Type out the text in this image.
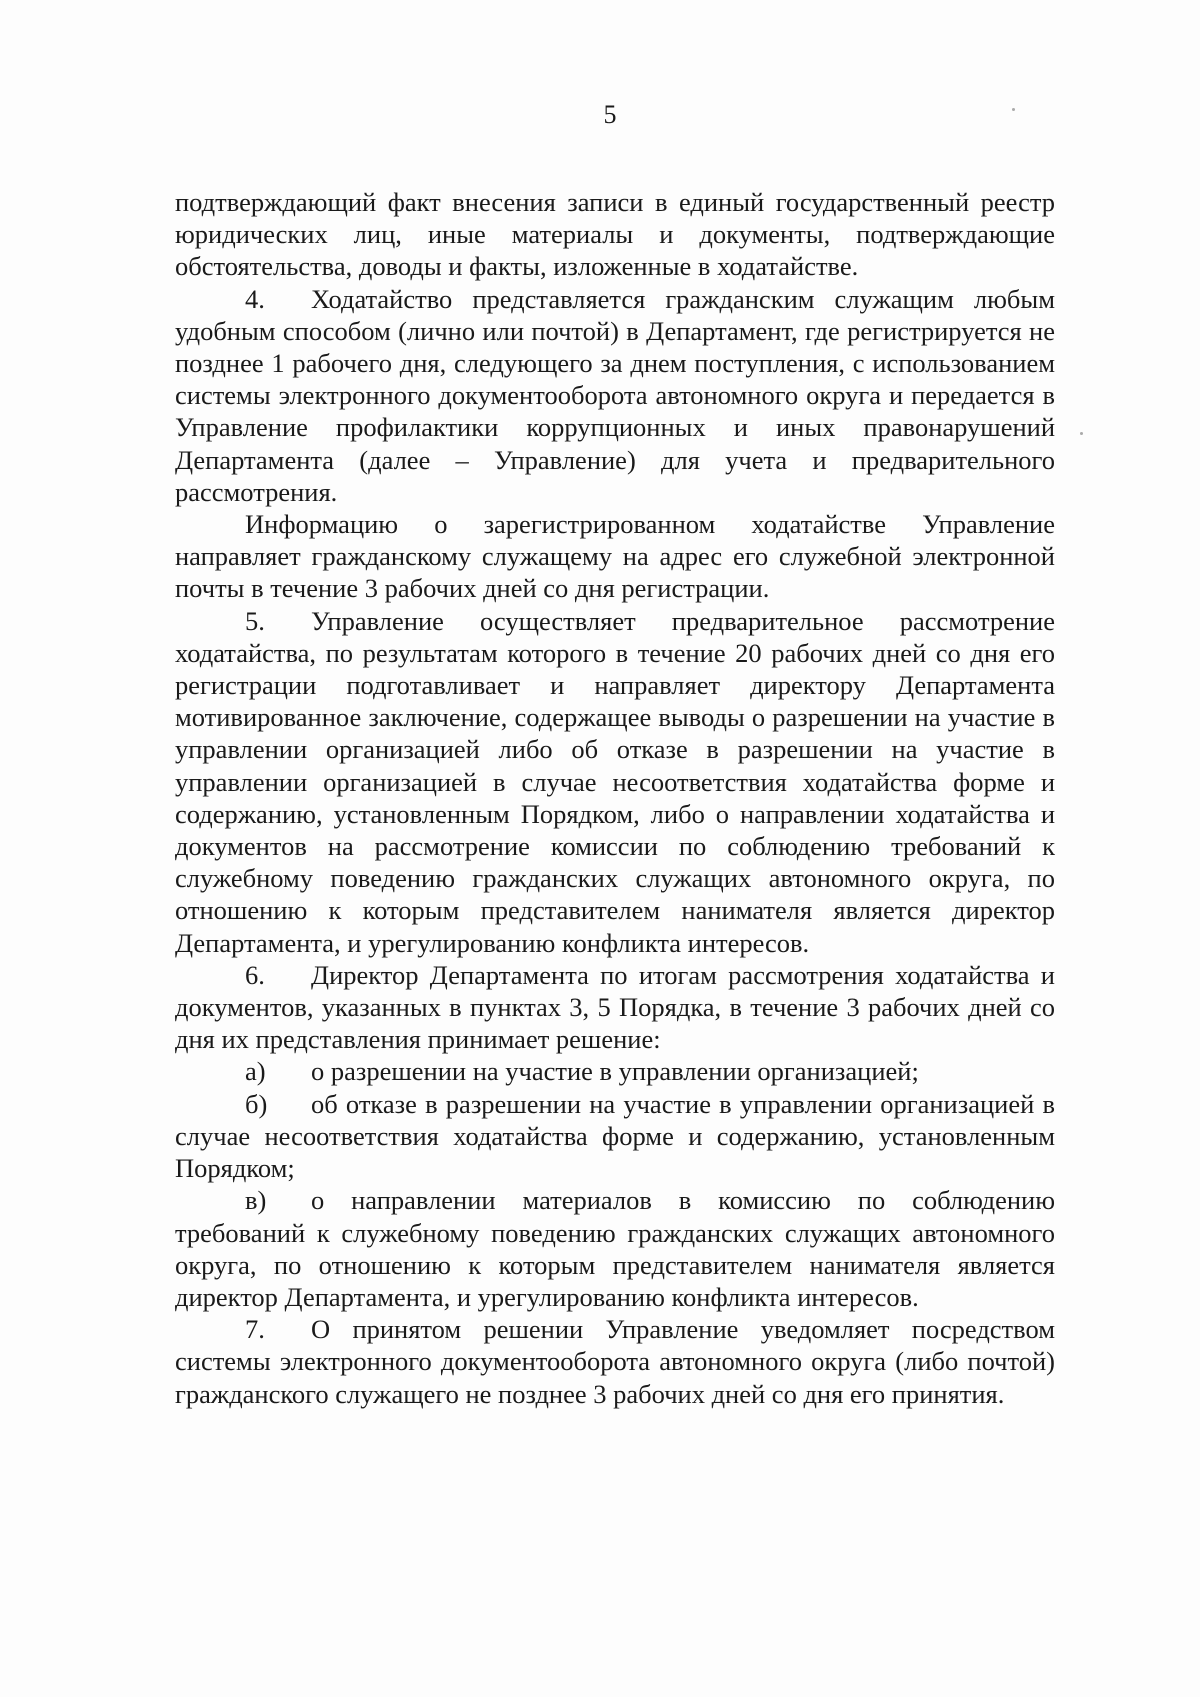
5

подтверждающий факт внесения записи в единый государственный реестр юридических лиц, иные материалы и документы, подтверждающие обстоятельства, доводы и факты, изложенные в ходатайстве.

4. Ходатайство представляется гражданским служащим любым удобным способом (лично или почтой) в Департамент, где регистрируется не позднее 1 рабочего дня, следующего за днем поступления, с использованием системы электронного документооборота автономного округа и передается в Управление профилактики коррупционных и иных правонарушений Департамента (далее – Управление) для учета и предварительного рассмотрения.

Информацию о зарегистрированном ходатайстве Управление направляет гражданскому служащему на адрес его служебной электронной почты в течение 3 рабочих дней со дня регистрации.

5. Управление осуществляет предварительное рассмотрение ходатайства, по результатам которого в течение 20 рабочих дней со дня его регистрации подготавливает и направляет директору Департамента мотивированное заключение, содержащее выводы о разрешении на участие в управлении организацией либо об отказе в разрешении на участие в управлении организацией в случае несоответствия ходатайства форме и содержанию, установленным Порядком, либо о направлении ходатайства и документов на рассмотрение комиссии по соблюдению требований к служебному поведению гражданских служащих автономного округа, по отношению к которым представителем нанимателя является директор Департамента, и урегулированию конфликта интересов.

6. Директор Департамента по итогам рассмотрения ходатайства и документов, указанных в пунктах 3, 5 Порядка, в течение 3 рабочих дней со дня их представления принимает решение:

а) о разрешении на участие в управлении организацией;

б) об отказе в разрешении на участие в управлении организацией в случае несоответствия ходатайства форме и содержанию, установленным Порядком;

в) о направлении материалов в комиссию по соблюдению требований к служебному поведению гражданских служащих автономного округа, по отношению к которым представителем нанимателя является директор Департамента, и урегулированию конфликта интересов.

7. О принятом решении Управление уведомляет посредством системы электронного документооборота автономного округа (либо почтой) гражданского служащего не позднее 3 рабочих дней со дня его принятия.
